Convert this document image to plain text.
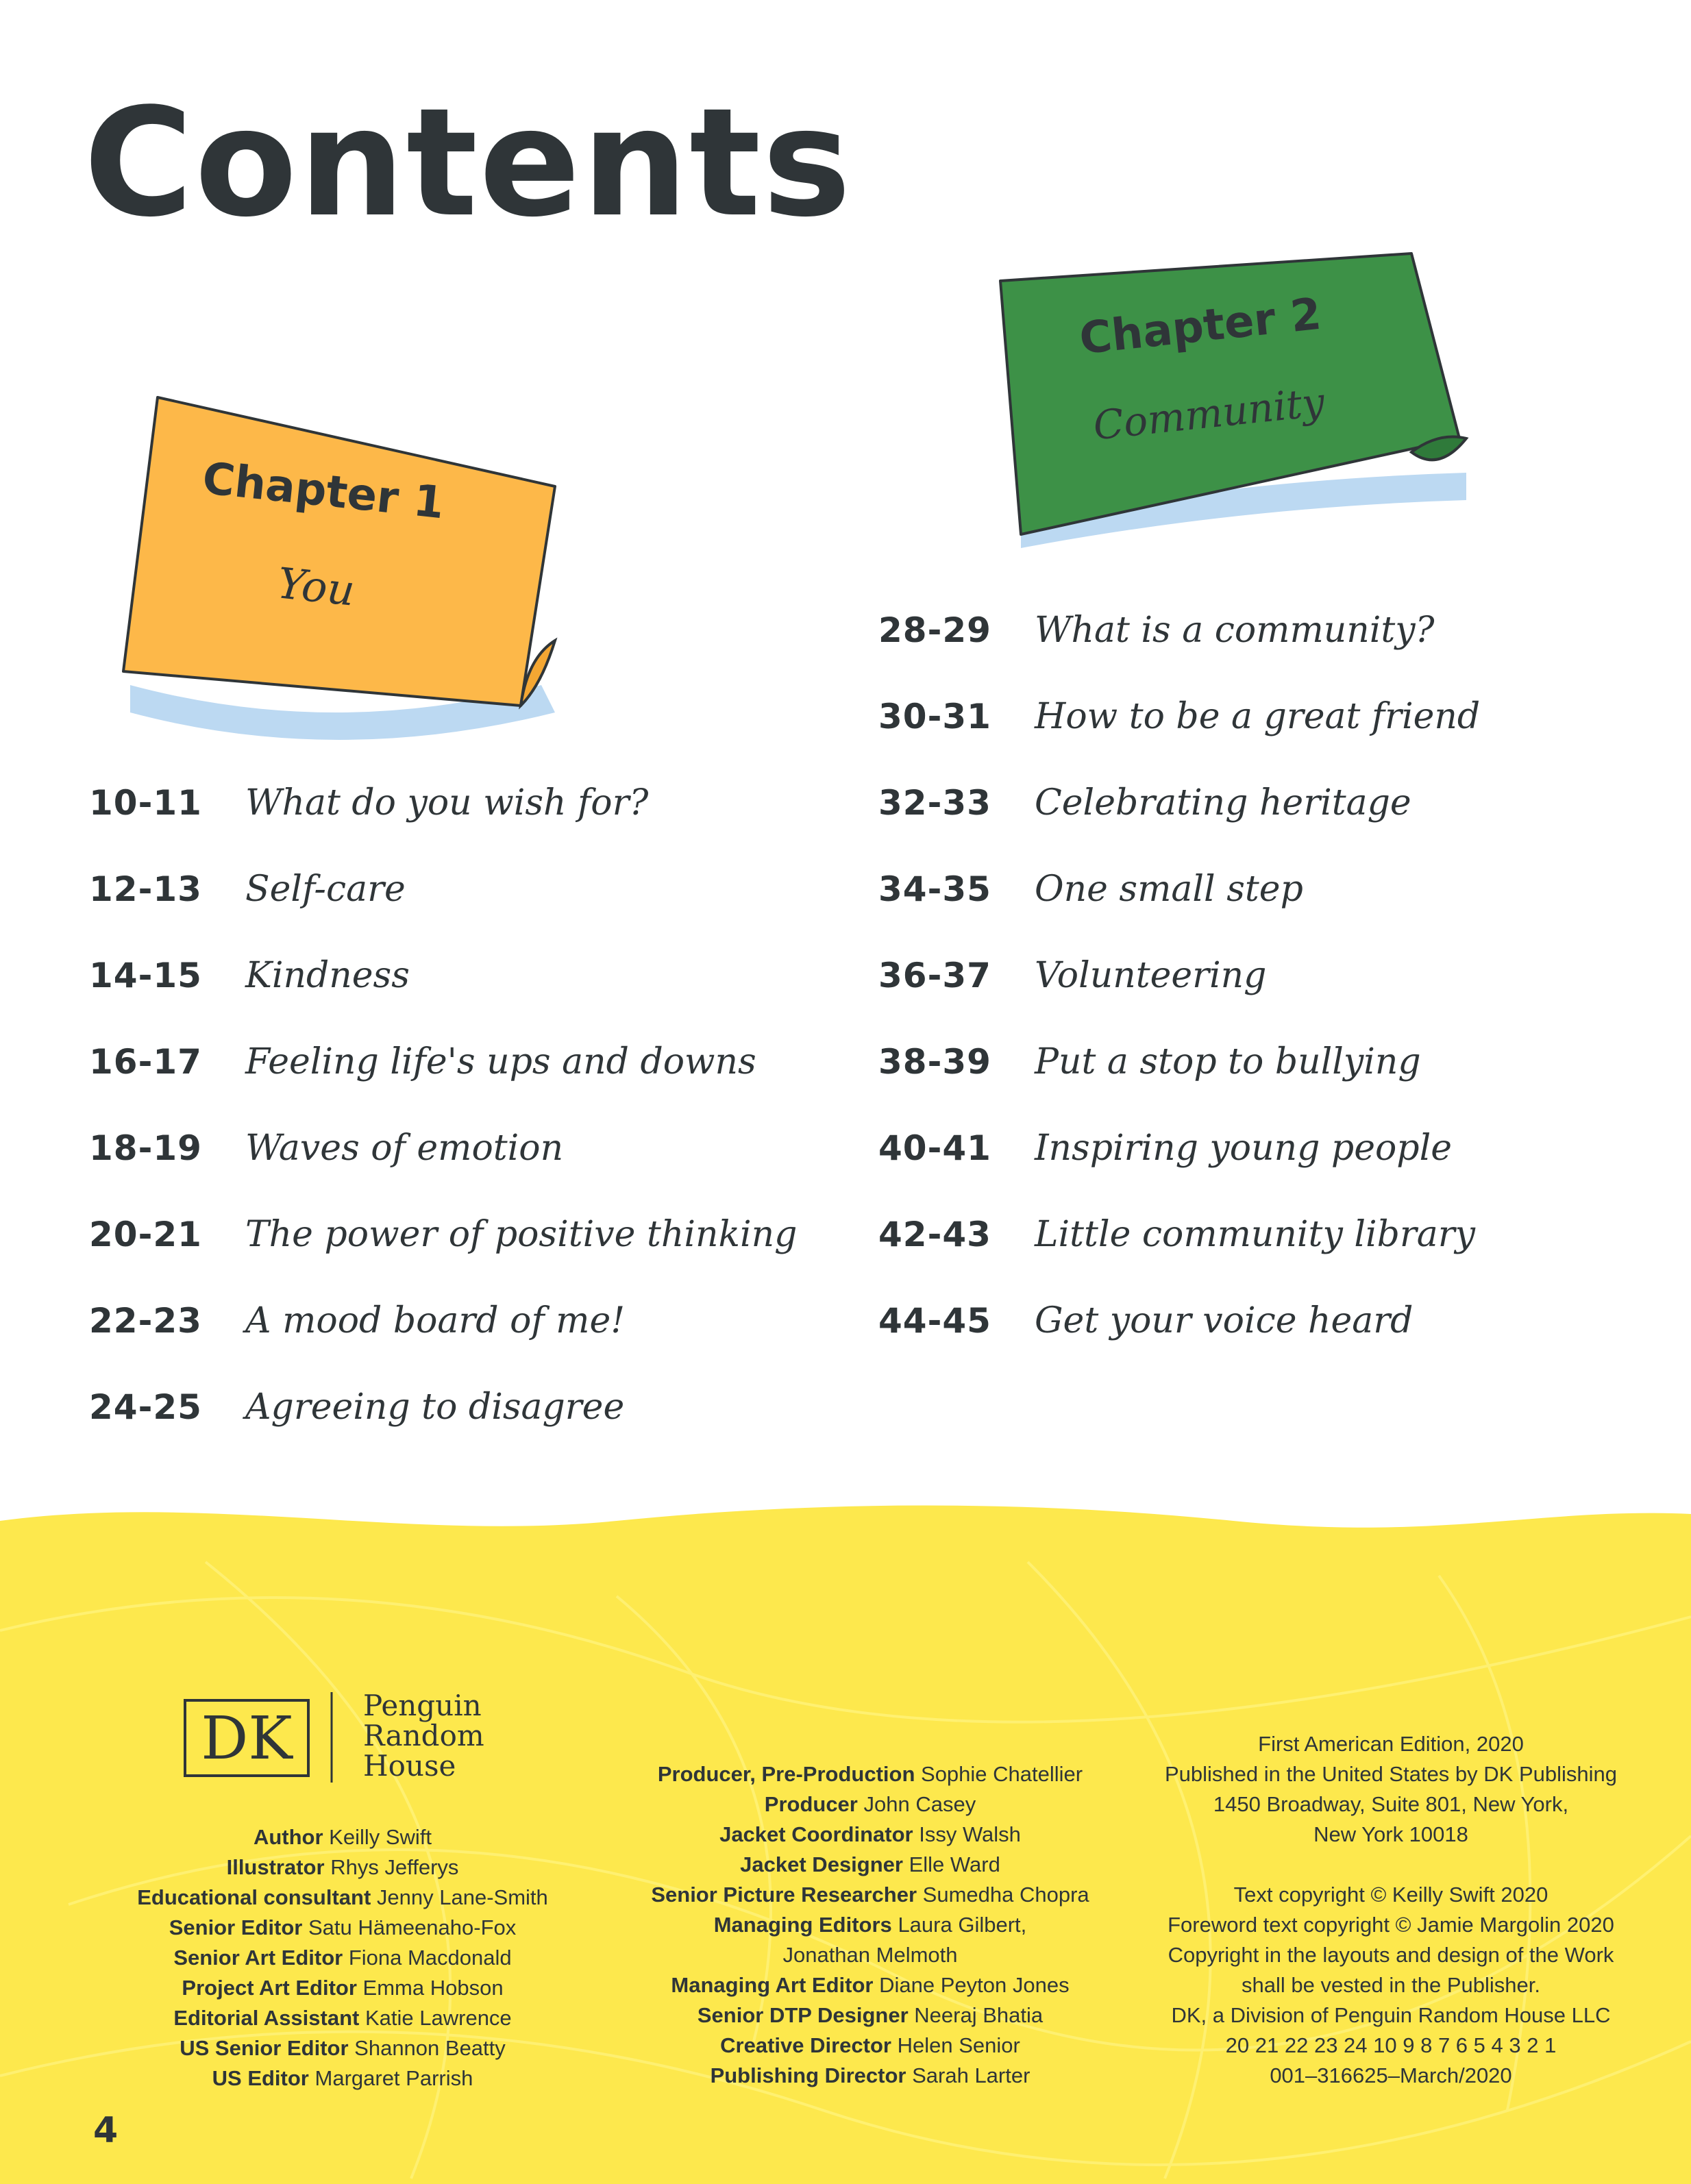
Contents
Chapter 1
You
Chapter 2
Community
10-11	What do you wish for?
12-13	Self-care
14-15	Kindness
16-17	Feeling life's ups and downs
18-19	Waves of emotion
20-21	The power of positive thinking
22-23	A mood board of me!
24-25	Agreeing to disagree
28-29	What is a community?
30-31	How to be a great friend
32-33	Celebrating heritage
34-35	One small step
36-37	Volunteering
38-39	Put a stop to bullying
40-41	Inspiring young people
42-43	Little community library
44-45	Get your voice heard
DK Penguin
Random
House
Author Keilly Swift
Illustrator Rhys Jefferys
Educational consultant Jenny Lane-Smith
Senior Editor Satu Hämeenaho-Fox
Senior Art Editor Fiona Macdonald
Project Art Editor Emma Hobson
Editorial Assistant Katie Lawrence
US Senior Editor Shannon Beatty
US Editor Margaret Parrish
Producer, Pre-Production Sophie Chatellier
Producer John Casey
Jacket Coordinator Issy Walsh
Jacket Designer Elle Ward
Senior Picture Researcher Sumedha Chopra
Managing Editors Laura Gilbert,
Jonathan Melmoth
Managing Art Editor Diane Peyton Jones
Senior DTP Designer Neeraj Bhatia
Creative Director Helen Senior
Publishing Director Sarah Larter
First American Edition, 2020
Published in the United States by DK Publishing
1450 Broadway, Suite 801, New York,
New York 10018

Text copyright © Keilly Swift 2020
Foreword text copyright © Jamie Margolin 2020
Copyright in the layouts and design of the Work
shall be vested in the Publisher.
DK, a Division of Penguin Random House LLC
20 21 22 23 24 10 9 8 7 6 5 4 3 2 1
001–316625–March/2020
4
